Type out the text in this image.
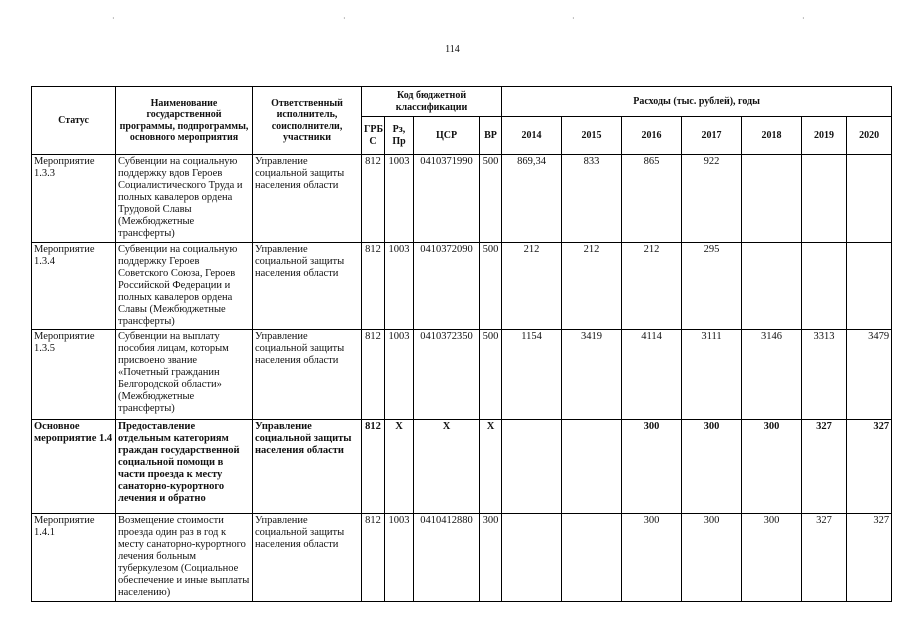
·	·	·	·
114
Статус	Наименование государственной программы, подпрограммы, основного мероприятия	Ответственный исполнитель, соисполнители, участники	Код бюджетной классификации				Расходы (тыс. рублей), годы						
			ГРБ С	Рз, Пр	ЦСР	ВР	2014	2015	2016	2017	2018	2019	2020
Мероприятие 1.3.3	Субвенции на социальную поддержку вдов Героев Социалистического Труда и полных кавалеров ордена Трудовой Славы (Межбюджетные трансферты)	Управление социальной защиты населения области	812	1003	0410371990	500	869,34	833	865	922			
Мероприятие 1.3.4	Субвенции на социальную поддержку Героев Советского Союза, Героев Российской Федерации и полных кавалеров ордена Славы (Межбюджетные трансферты)	Управление социальной защиты населения области	812	1003	0410372090	500	212	212	212	295			
Мероприятие 1.3.5	Субвенции на выплату пособия лицам, которым присвоено звание «Почетный гражданин Белгородской области» (Межбюджетные трансферты)	Управление социальной защиты населения области	812	1003	0410372350	500	1154	3419	4114	3111	3146	3313	3479
Основное мероприятие 1.4	Предоставление отдельным категориям граждан государственной социальной помощи в части проезда к месту санаторно-курортного лечения и обратно	Управление социальной защиты населения области	812	Х	Х	Х			300	300	300	327	327
Мероприятие 1.4.1	Возмещение стоимости проезда один раз в год к месту санаторно-курортного лечения больным туберкулезом (Социальное обеспечение и иные выплаты населению)	Управление социальной защиты населения области	812	1003	0410412880	300			300	300	300	327	327
